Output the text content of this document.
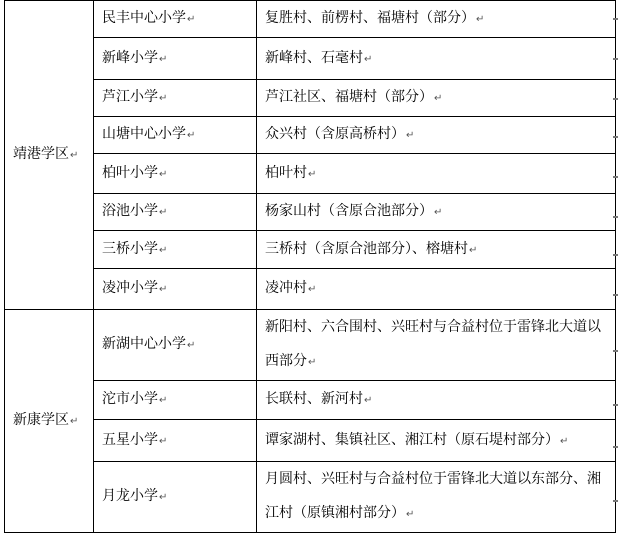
靖港学区↵	民丰中心小学↵	复胜村、前楞村、福塘村（部分）↵
	新峰小学↵	新峰村、石毫村↵
	芦江小学↵	芦江社区、福塘村（部分）↵
	山塘中心小学↵	众兴村（含原高桥村）↵
	柏叶小学↵	柏叶村↵
	浴池小学↵	杨家山村（含原合池部分）↵
	三桥小学↵	三桥村（含原合池部分）、榕塘村↵
	凌冲小学↵	凌冲村↵
新康学区↵	新湖中心小学↵	新阳村、六合围村、兴旺村与合益村位于雷锋北大道以西部分↵
	沱市小学↵	长联村、新河村↵
	五星小学↵	谭家湖村、集镇社区、湘江村（原石堤村部分）↵
	月龙小学↵	月圆村、兴旺村与合益村位于雷锋北大道以东部分、湘江村（原镇湘村部分）↵
